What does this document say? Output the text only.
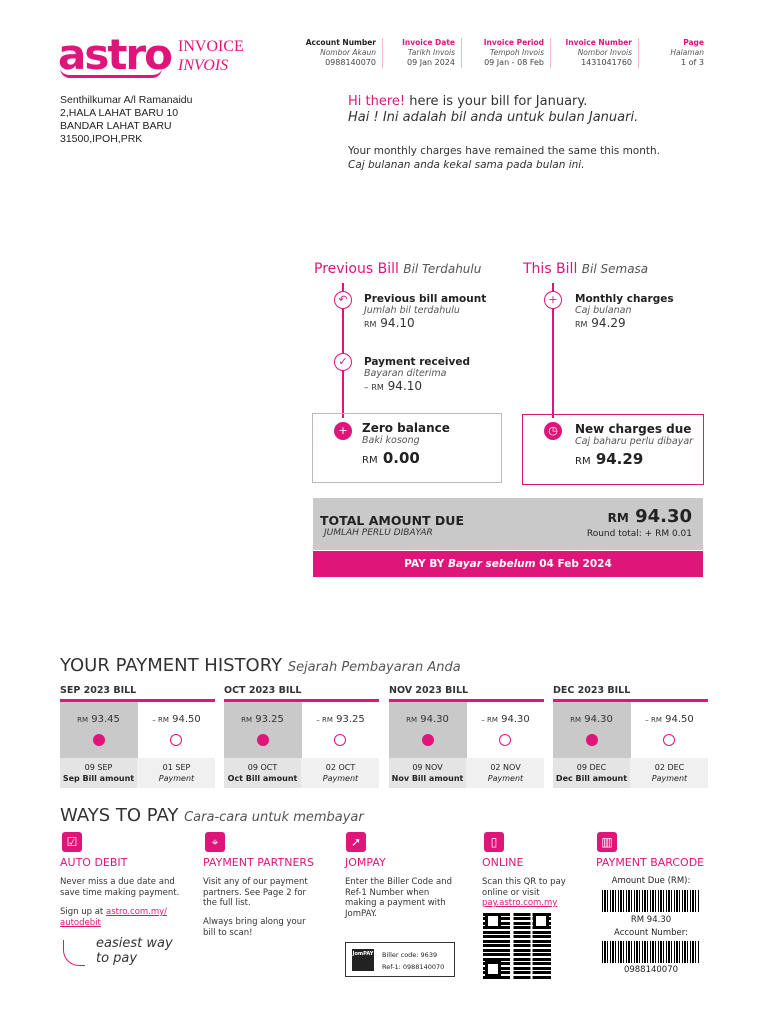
astro INVOICE
INVOIS
Account Number
Nombor Akaun
0988140070
Invoice Date
Tarikh Invois
09 Jan 2024
Invoice Period
Tempoh Invois
09 Jan - 08 Feb
Invoice Number
Nombor Invois
1431041760
Page
Halaman
1 of 3
Senthilkumar A/l Ramanaidu
2,HALA LAHAT BARU 10
BANDAR LAHAT BARU
31500,IPOH,PRK
Hi there! here is your bill for January.
Hai ! Ini adalah bil anda untuk bulan Januari.
Your monthly charges have remained the same this month.
Caj bulanan anda kekal sama pada bulan ini.
Previous Bill Bil Terdahulu
↶	Previous bill amount
Jumlah bil terdahulu
RM 94.10
✓	Payment received
Bayaran diterima
– RM 94.10
+	Zero balance
Baki kosong
RM 0.00
This Bill Bil Semasa
+	Monthly charges
Caj bulanan
RM 94.29
◷	New charges due
Caj baharu perlu dibayar
RM 94.29
TOTAL AMOUNT DUE
JUMLAH PERLU DIBAYAR
RM 94.30
Round total: + RM 0.01
PAY BY Bayar sebelum 04 Feb 2024
YOUR PAYMENT HISTORY Sejarah Pembayaran Anda
SEP 2023 BILL
RM 93.45	– RM 94.50
09 SEP
Sep Bill amount
01 SEP
Payment
OCT 2023 BILL
RM 93.25	– RM 93.25
09 OCT
Oct Bill amount
02 OCT
Payment
NOV 2023 BILL
RM 94.30	– RM 94.30
09 NOV
Nov Bill amount
02 NOV
Payment
DEC 2023 BILL
RM 94.30	– RM 94.50
09 DEC
Dec Bill amount
02 DEC
Payment
WAYS TO PAY Cara-cara untuk membayar
☑
AUTO DEBIT
Never miss a due date and save time making payment.
Sign up at astro.com.my/ autodebit
easiest way
to pay
⌖
PAYMENT PARTNERS
Visit any of our payment partners. See Page 2 for the full list.
Always bring along your bill to scan!
➚
JOMPAY
Enter the Biller Code and Ref-1 Number when making a payment with JomPAY.
JomPAY Biller code: 9639
Ref-1: 0988140070
▯
ONLINE
Scan this QR to pay online or visit
pay.astro.com.my
▥
PAYMENT BARCODE
Amount Due (RM):
RM 94.30
Account Number:
0988140070
